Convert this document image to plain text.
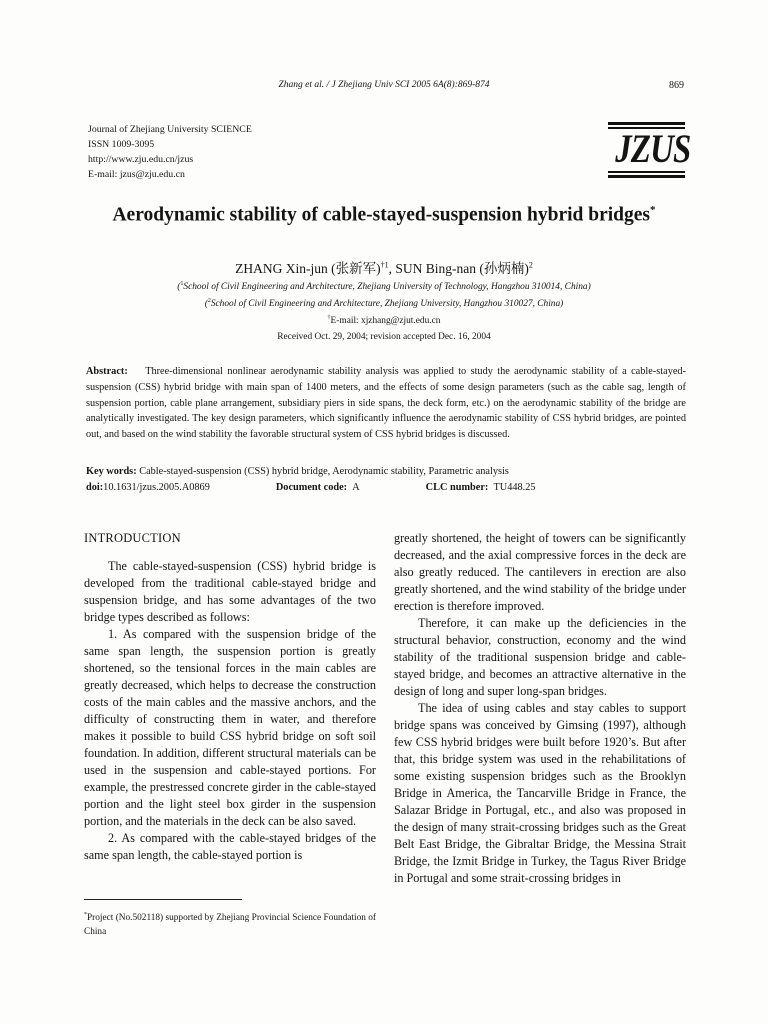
Zhang et al. / J Zhejiang Univ SCI 2005 6A(8):869-874	869
Journal of Zhejiang University SCIENCE
ISSN 1009-3095
http://www.zju.edu.cn/jzus
E-mail: jzus@zju.edu.cn
JZUS
Aerodynamic stability of cable-stayed-suspension hybrid bridges*
ZHANG Xin-jun (张新军)$^{\dagger 1}$, SUN Bing-nan (孙炳楠)$^2$
($^1$School of Civil Engineering and Architecture, Zhejiang University of Technology, Hangzhou 310014, China)
($^2$School of Civil Engineering and Architecture, Zhejiang University, Hangzhou 310027, China)
†E-mail: xjzhang@zjut.edu.cn
Received Oct. 29, 2004; revision accepted Dec. 16, 2004
Abstract: Three-dimensional nonlinear aerodynamic stability analysis was applied to study the aerodynamic stability of a cable-stayed-suspension (CSS) hybrid bridge with main span of 1400 meters, and the effects of some design parameters (such as the cable sag, length of suspension portion, cable plane arrangement, subsidiary piers in side spans, the deck form, etc.) on the aerodynamic stability of the bridge are analytically investigated. The key design parameters, which significantly influence the aerodynamic stability of CSS hybrid bridges, are pointed out, and based on the wind stability the favorable structural system of CSS hybrid bridges is discussed.
Key words: Cable-stayed-suspension (CSS) hybrid bridge, Aerodynamic stability, Parametric analysis
doi:10.1631/jzus.2005.A0869	Document code: A	CLC number: TU448.25
INTRODUCTION

The cable-stayed-suspension (CSS) hybrid bridge is developed from the traditional cable-stayed bridge and suspension bridge, and has some advantages of the two bridge types described as follows:

1. As compared with the suspension bridge of the same span length, the suspension portion is greatly shortened, so the tensional forces in the main cables are greatly decreased, which helps to decrease the construction costs of the main cables and the massive anchors, and the difficulty of constructing them in water, and therefore makes it possible to build CSS hybrid bridge on soft soil foundation. In addition, different structural materials can be used in the suspension and cable-stayed portions. For example, the prestressed concrete girder in the cable-stayed portion and the light steel box girder in the suspension portion, and the materials in the deck can be also saved.

2. As compared with the cable-stayed bridges of the same span length, the cable-stayed portion is

greatly shortened, the height of towers can be significantly decreased, and the axial compressive forces in the deck are also greatly reduced. The cantilevers in erection are also greatly shortened, and the wind stability of the bridge under erection is therefore improved.

Therefore, it can make up the deficiencies in the structural behavior, construction, economy and the wind stability of the traditional suspension bridge and cable-stayed bridge, and becomes an attractive alternative in the design of long and super long-span bridges.

The idea of using cables and stay cables to support bridge spans was conceived by Gimsing (1997), although few CSS hybrid bridges were built before 1920’s. But after that, this bridge system was used in the rehabilitations of some existing suspension bridges such as the Brooklyn Bridge in America, the Tancarville Bridge in France, the Salazar Bridge in Portugal, etc., and also was proposed in the design of many strait-crossing bridges such as the Great Belt East Bridge, the Gibraltar Bridge, the Messina Strait Bridge, the Izmit Bridge in Turkey, the Tagus River Bridge in Portugal and some strait-crossing bridges in

*Project (No.502118) supported by Zhejiang Provincial Science Foundation of China
